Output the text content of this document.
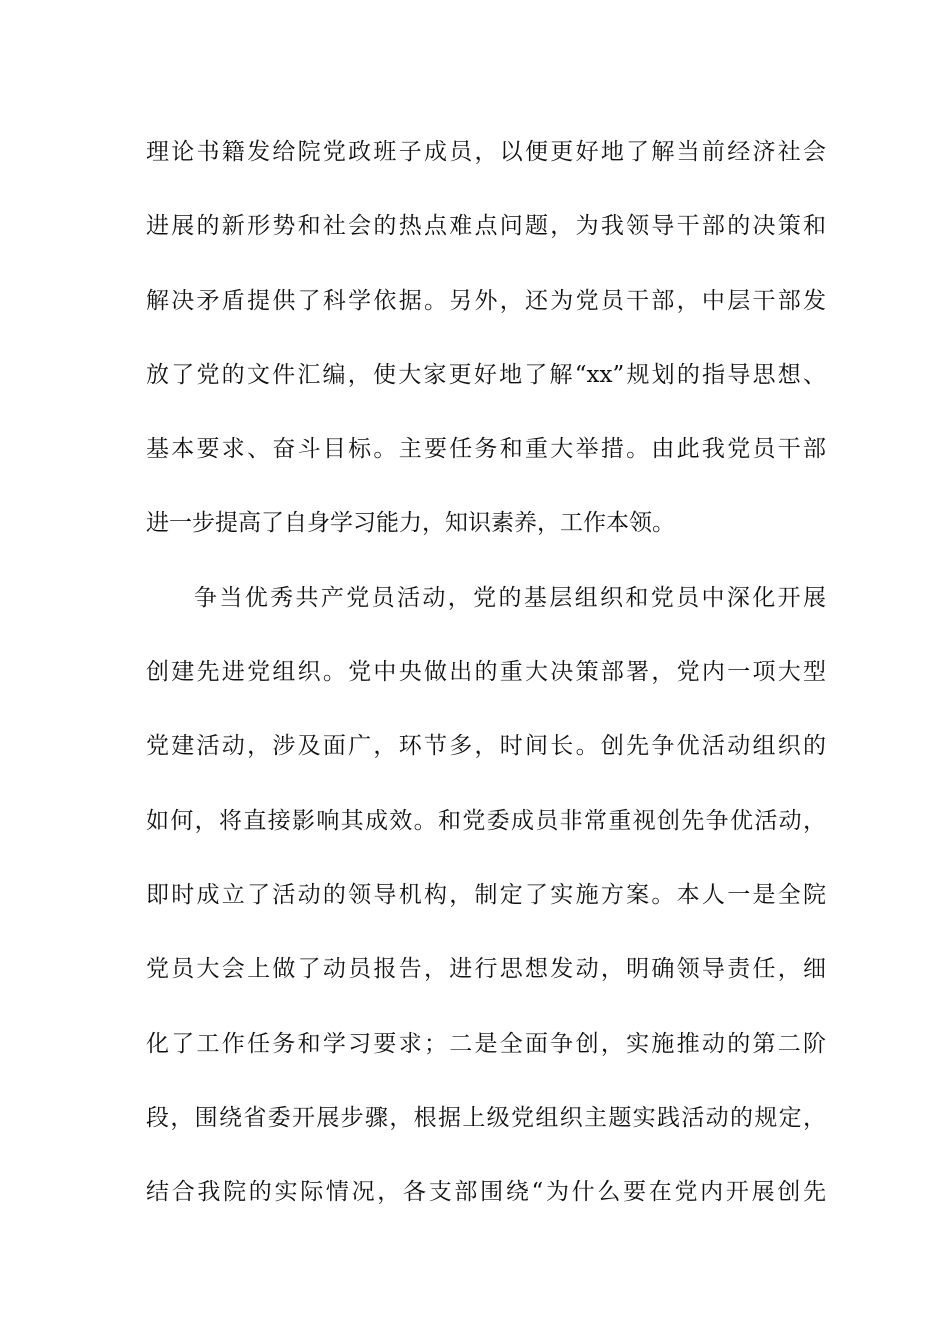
理论书籍发给院党政班子成员，以便更好地了解当前经济社会
进展的新形势和社会的热点难点问题，为我领导干部的决策和
解决矛盾提供了科学依据。另外，还为党员干部，中层干部发
放了党的文件汇编，使大家更好地了解“xx”规划的指导思想、
基本要求、奋斗目标。主要任务和重大举措。由此我党员干部
进一步提高了自身学习能力，知识素养，工作本领。
争当优秀共产党员活动，党的基层组织和党员中深化开展
创建先进党组织。党中央做出的重大决策部署，党内一项大型
党建活动，涉及面广，环节多，时间长。创先争优活动组织的
如何，将直接影响其成效。和党委成员非常重视创先争优活动，
即时成立了活动的领导机构，制定了实施方案。本人一是全院
党员大会上做了动员报告，进行思想发动，明确领导责任，细
化了工作任务和学习要求；二是全面争创，实施推动的第二阶
段，围绕省委开展步骤，根据上级党组织主题实践活动的规定，
结合我院的实际情况，各支部围绕“为什么要在党内开展创先
